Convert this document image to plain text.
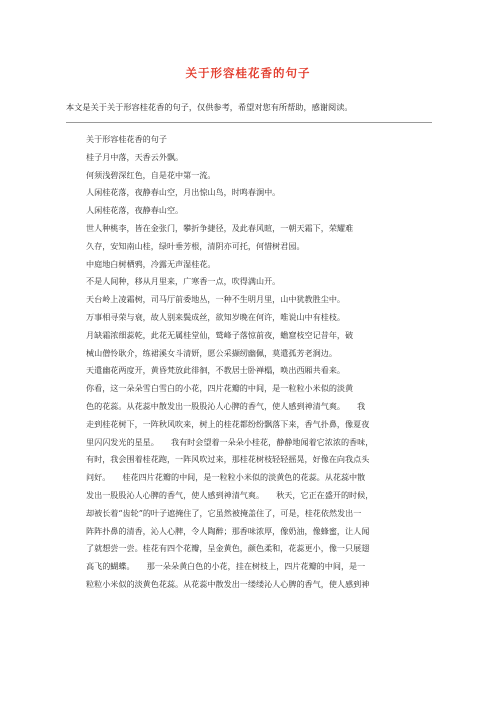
关于形容桂花香的句子
本文是关于关于形容桂花香的句子，仅供参考，希望对您有所帮助，感谢阅读。

关于形容桂花香的句子

桂子月中落，天香云外飘。

何须浅碧深红色，自是花中第一流。

人闲桂花落，夜静春山空，月出惊山鸟，时鸣春涧中。

人闲桂花落，夜静春山空。

世人种桃李，皆在金张门，攀折争捷径，及此春风暄，一朝天霜下，荣耀难

久存，安知南山桂，绿叶垂芳根，清阴亦可托，何惜树君园。

中庭地白树栖鸦，冷露无声湿桂花。

不是人间种，移从月里来，广寒香一点，吹得满山开。

天台岭上凌霜树，司马厅前委地丛，一种不生明月里，山中犹教胜尘中。

万事相寻荣与衰，故人别来鬓成丝，欲知岁晚在何许，唯说山中有桂枝。

月缺霜浓细蕊乾，此花无属桂堂仙，鹫峰子落惊前夜，蟾窟枝空记昔年，破

械山僧怜耿介，练裙溪女斗清妍，愿公采撷纫幽佩，莫遣孤芳老涧边。

天遣幽花两度开，黄昏梵放此徘徊，不教居士卧禅榻，唤出西厢共看来。

你看，这一朵朵雪白雪白的小花，四片花瓣的中间，是一粒粒小米似的淡黄

色的花蕊。从花蕊中散发出一股股沁人心脾的香气，使人感到神清气爽。　　我

走到桂花树下，一阵秋风吹来，树上的桂花都纷纷飘落下来，香气扑鼻，像夏夜

里闪闪发光的星星。　　我有时会望着一朵朵小桂花，静静地闻着它浓浓的香味，

有时，我会围着桂花跑，一阵风吹过来，那桂花树枝轻轻摇晃，好像在向我点头

问好。　　桂花四片花瓣的中间，是一粒粒小米似的淡黄色的花蕊。从花蕊中散

发出一股股沁人心脾的香气，使人感到神清气爽。　　秋天，它正在盛开的时候，

却被长着“齿轮”的叶子遮掩住了，它虽然被掩盖住了，可是，桂花依然发出一

阵阵扑鼻的清香，沁人心脾，令人陶醉；那香味浓厚，像奶油，像蜂蜜，让人闻

了就想尝一尝。桂花有四个花瓣，呈金黄色，颜色柔和，花蕊更小，像一只展翅

高飞的蝴蝶。　　那一朵朵黄白色的小花，挂在树枝上，四片花瓣的中间，是一

粒粒小米似的淡黄色花蕊。从花蕊中散发出一缕缕沁人心脾的香气，使人感到神
